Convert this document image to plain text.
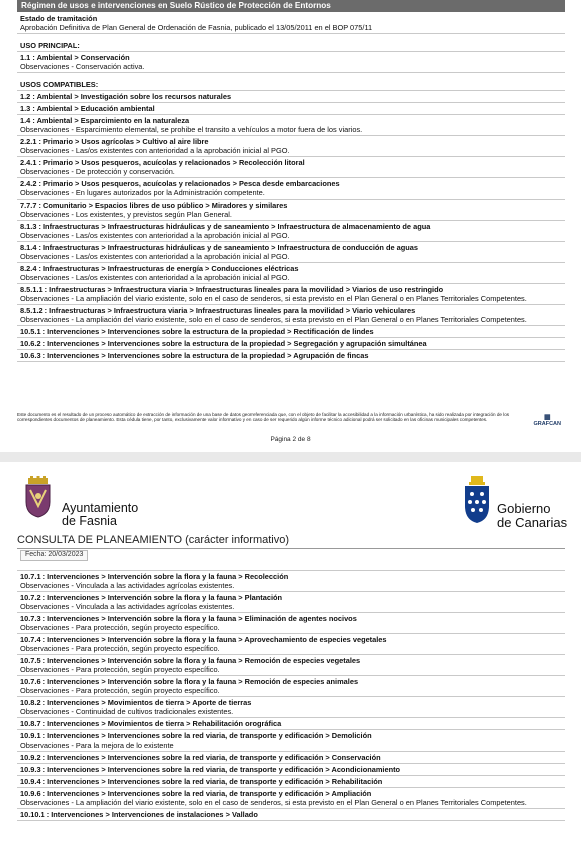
Régimen de usos e intervenciones en Suelo Rústico de Protección de Entornos
Estado de tramitación
Aprobación Definitiva de Plan General de Ordenación de Fasnia, publicado el 13/05/2011 en el BOP 075/11
USO PRINCIPAL:
1.1 : Ambiental > Conservación
Observaciones - Conservación activa.
USOS COMPATIBLES:
1.2 : Ambiental > Investigación sobre los recursos naturales
1.3 : Ambiental > Educación ambiental
1.4 : Ambiental > Esparcimiento en la naturaleza
Observaciones - Esparcimiento elemental, se prohibe el transito a vehículos a motor fuera de los viarios.
2.2.1 : Primario > Usos agrícolas > Cultivo al aire libre
Observaciones - Las/os existentes con anterioridad a la aprobación inicial al PGO.
2.4.1 : Primario > Usos pesqueros, acuícolas y relacionados > Recolección litoral
Observaciones - De protección y conservación.
2.4.2 : Primario > Usos pesqueros, acuícolas y relacionados > Pesca desde embarcaciones
Observaciones - En lugares autorizados por la Administración competente.
7.7.7 : Comunitario > Espacios libres de uso público > Miradores y similares
Observaciones - Los existentes, y previstos según Plan General.
8.1.3 : Infraestructuras > Infraestructuras hidráulicas y de saneamiento > Infraestructura de almacenamiento de agua
Observaciones - Las/os existentes con anterioridad a la aprobación inicial al PGO.
8.1.4 : Infraestructuras > Infraestructuras hidráulicas y de saneamiento > Infraestructura de conducción de aguas
Observaciones - Las/os existentes con anterioridad a la aprobación inicial al PGO.
8.2.4 : Infraestructuras > Infraestructuras de energía > Conducciones eléctricas
Observaciones - Las/os existentes con anterioridad a la aprobación inicial al PGO.
8.5.1.1 : Infraestructuras > Infraestructura viaria > Infraestructuras lineales para la movilidad > Viarios de uso restringido
Observaciones - La ampliación del viario existente, solo en el caso de senderos, si esta previsto en el Plan General o en Planes Territoriales Competentes.
8.5.1.2 : Infraestructuras > Infraestructura viaria > Infraestructuras lineales para la movilidad > Viario vehiculares
Observaciones - La ampliación del viario existente, solo en el caso de senderos, si esta previsto en el Plan General o en Planes Territoriales Competentes.
10.5.1 : Intervenciones > Intervenciones sobre la estructura de la propiedad > Rectificación de lindes
10.6.2 : Intervenciones > Intervenciones sobre la estructura de la propiedad > Segregación y agrupación simultánea
10.6.3 : Intervenciones > Intervenciones sobre la estructura de la propiedad > Agrupación de fincas
Este documento es el resultado de un proceso automático de extracción de información de una base de datos georreferenciada que, con el objeto de facilitar la accesibilidad a la información urbanística, ha sido realizada por integración de los correspondientes documentos de planeamiento. Esta cédula tiene, por tanto, exclusivamente valor informativo y en caso de ser requerido algún informe técnico adicional podrá ser solicitado en las oficinas municipales competentes.	▦
GRAFCAN
Página 2 de 8
Ayuntamiento
de Fasnia
Gobierno
de Canarias
CONSULTA DE PLANEAMIENTO (carácter informativo)
Fecha: 20/03/2023
10.7.1 : Intervenciones > Intervención sobre la flora y la fauna > Recolección
Observaciones - Vinculada a las actividades agrícolas existentes.
10.7.2 : Intervenciones > Intervención sobre la flora y la fauna > Plantación
Observaciones - Vinculada a las actividades agrícolas existentes.
10.7.3 : Intervenciones > Intervención sobre la flora y la fauna > Eliminación de agentes nocivos
Observaciones - Para protección, según proyecto específico.
10.7.4 : Intervenciones > Intervención sobre la flora y la fauna > Aprovechamiento de especies vegetales
Observaciones - Para protección, según proyecto específico.
10.7.5 : Intervenciones > Intervención sobre la flora y la fauna > Remoción de especies vegetales
Observaciones - Para protección, según proyecto específico.
10.7.6 : Intervenciones > Intervención sobre la flora y la fauna > Remoción de especies animales
Observaciones - Para protección, según proyecto específico.
10.8.2 : Intervenciones > Movimientos de tierra > Aporte de tierras
Observaciones - Continuidad de cultivos tradicionales existentes.
10.8.7 : Intervenciones > Movimientos de tierra > Rehabilitación orográfica
10.9.1 : Intervenciones > Intervenciones sobre la red viaria, de transporte y edificación > Demolición
Observaciones - Para la mejora de lo existente
10.9.2 : Intervenciones > Intervenciones sobre la red viaria, de transporte y edificación > Conservación
10.9.3 : Intervenciones > Intervenciones sobre la red viaria, de transporte y edificación > Acondicionamiento
10.9.4 : Intervenciones > Intervenciones sobre la red viaria, de transporte y edificación > Rehabilitación
10.9.6 : Intervenciones > Intervenciones sobre la red viaria, de transporte y edificación > Ampliación
Observaciones - La ampliación del viario existente, solo en el caso de senderos, si esta previsto en el Plan General o en Planes Territoriales Competentes.
10.10.1 : Intervenciones > Intervenciones de instalaciones > Vallado
